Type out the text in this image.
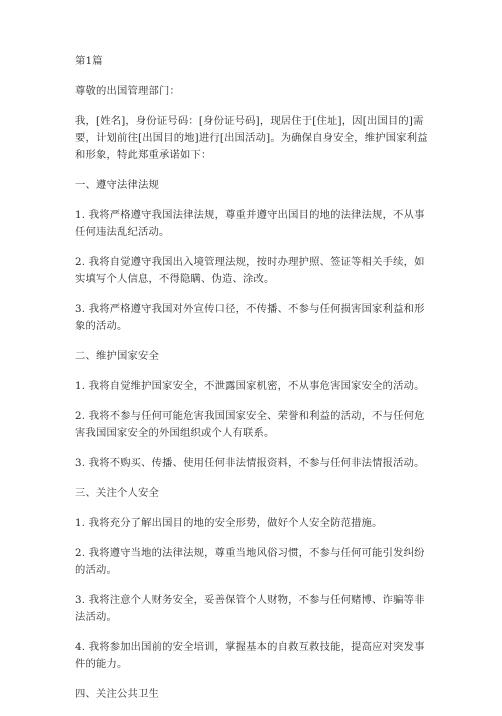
第1篇

尊敬的出国管理部门：

我，[姓名]，身份证号码：[身份证号码]，现居住于[住址]，因[出国目的]需要，计划前往[出国目的地]进行[出国活动]。为确保自身安全，维护国家利益和形象，特此郑重承诺如下：

一、遵守法律法规

1. 我将严格遵守我国法律法规，尊重并遵守出国目的地的法律法规，不从事任何违法乱纪活动。

2. 我将自觉遵守我国出入境管理法规，按时办理护照、签证等相关手续，如实填写个人信息，不得隐瞒、伪造、涂改。

3. 我将严格遵守我国对外宣传口径，不传播、不参与任何损害国家利益和形象的活动。

二、维护国家安全

1. 我将自觉维护国家安全，不泄露国家机密，不从事危害国家安全的活动。

2. 我将不参与任何可能危害我国国家安全、荣誉和利益的活动，不与任何危害我国国家安全的外国组织或个人有联系。

3. 我将不购买、传播、使用任何非法情报资料，不参与任何非法情报活动。

三、关注个人安全

1. 我将充分了解出国目的地的安全形势，做好个人安全防范措施。

2. 我将遵守当地的法律法规，尊重当地风俗习惯，不参与任何可能引发纠纷的活动。

3. 我将注意个人财务安全，妥善保管个人财物，不参与任何赌博、诈骗等非法活动。

4. 我将参加出国前的安全培训，掌握基本的自救互救技能，提高应对突发事件的能力。

四、关注公共卫生
